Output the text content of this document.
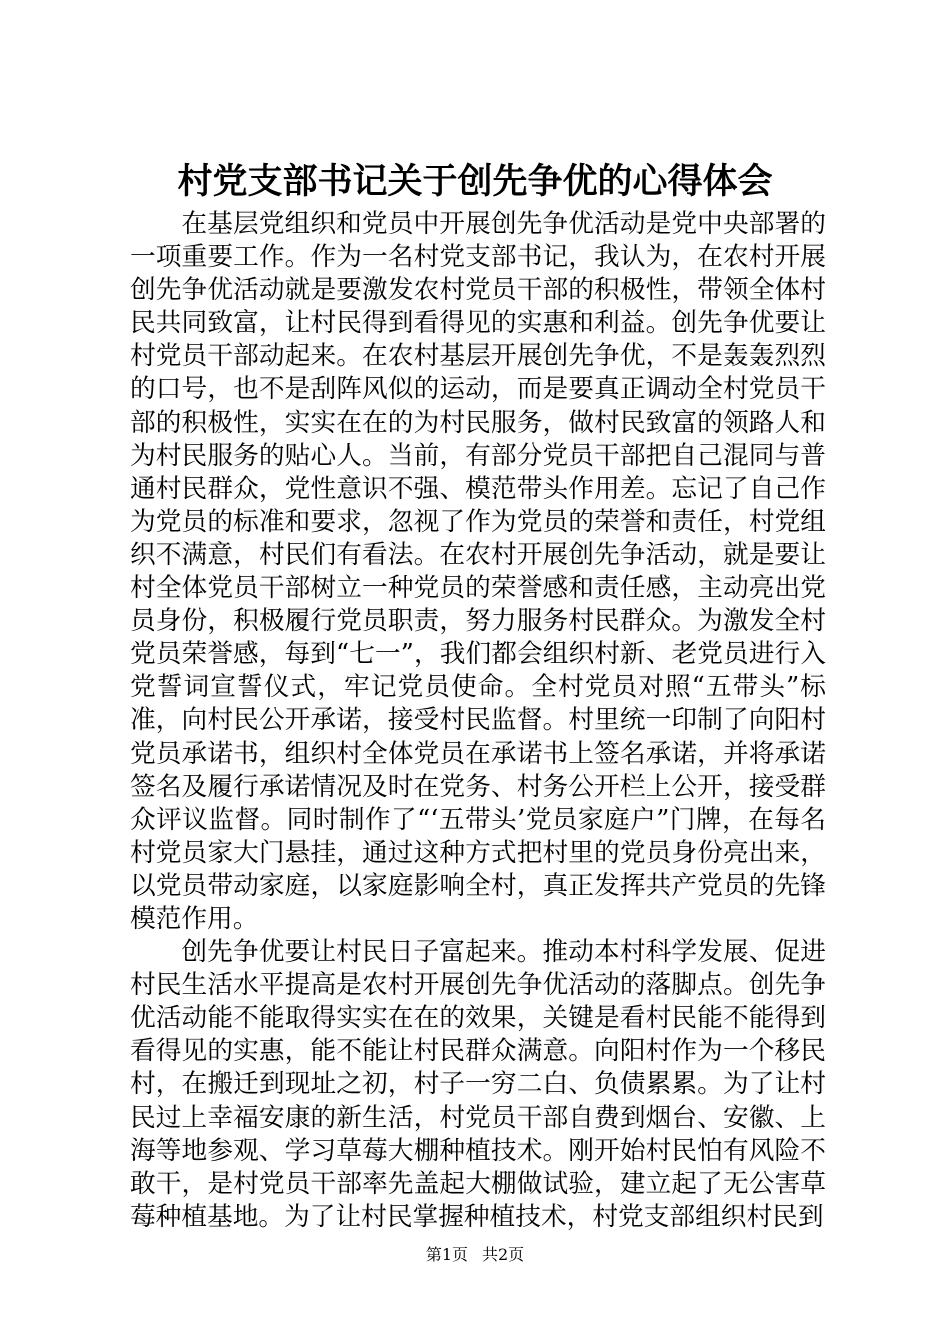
村党支部书记关于创先争优的心得体会

在基层党组织和党员中开展创先争优活动是党中央部署的一项重要工作。作为一名村党支部书记，我认为，在农村开展创先争优活动就是要激发农村党员干部的积极性，带领全体村民共同致富，让村民得到看得见的实惠和利益。创先争优要让村党员干部动起来。在农村基层开展创先争优，不是轰轰烈烈的口号，也不是刮阵风似的运动，而是要真正调动全村党员干部的积极性，实实在在的为村民服务，做村民致富的领路人和为村民服务的贴心人。当前，有部分党员干部把自己混同与普通村民群众，党性意识不强、模范带头作用差。忘记了自己作为党员的标准和要求，忽视了作为党员的荣誉和责任，村党组织不满意，村民们有看法。在农村开展创先争活动，就是要让村全体党员干部树立一种党员的荣誉感和责任感，主动亮出党员身份，积极履行党员职责，努力服务村民群众。为激发全村党员荣誉感，每到“七一”，我们都会组织村新、老党员进行入党誓词宣誓仪式，牢记党员使命。全村党员对照“五带头”标准，向村民公开承诺，接受村民监督。村里统一印制了向阳村党员承诺书，组织村全体党员在承诺书上签名承诺，并将承诺签名及履行承诺情况及时在党务、村务公开栏上公开，接受群众评议监督。同时制作了“‘五带头’党员家庭户”门牌，在每名村党员家大门悬挂，通过这种方式把村里的党员身份亮出来，以党员带动家庭，以家庭影响全村，真正发挥共产党员的先锋模范作用。

创先争优要让村民日子富起来。推动本村科学发展、促进村民生活水平提高是农村开展创先争优活动的落脚点。创先争优活动能不能取得实实在在的效果，关键是看村民能不能得到看得见的实惠，能不能让村民群众满意。向阳村作为一个移民村，在搬迁到现址之初，村子一穷二白、负债累累。为了让村民过上幸福安康的新生活，村党员干部自费到烟台、安徽、上海等地参观、学习草莓大棚种植技术。刚开始村民怕有风险不敢干，是村党员干部率先盖起大棚做试验，建立起了无公害草莓种植基地。为了让村民掌握种植技术，村党支部组织村民到

第1页 共2页
